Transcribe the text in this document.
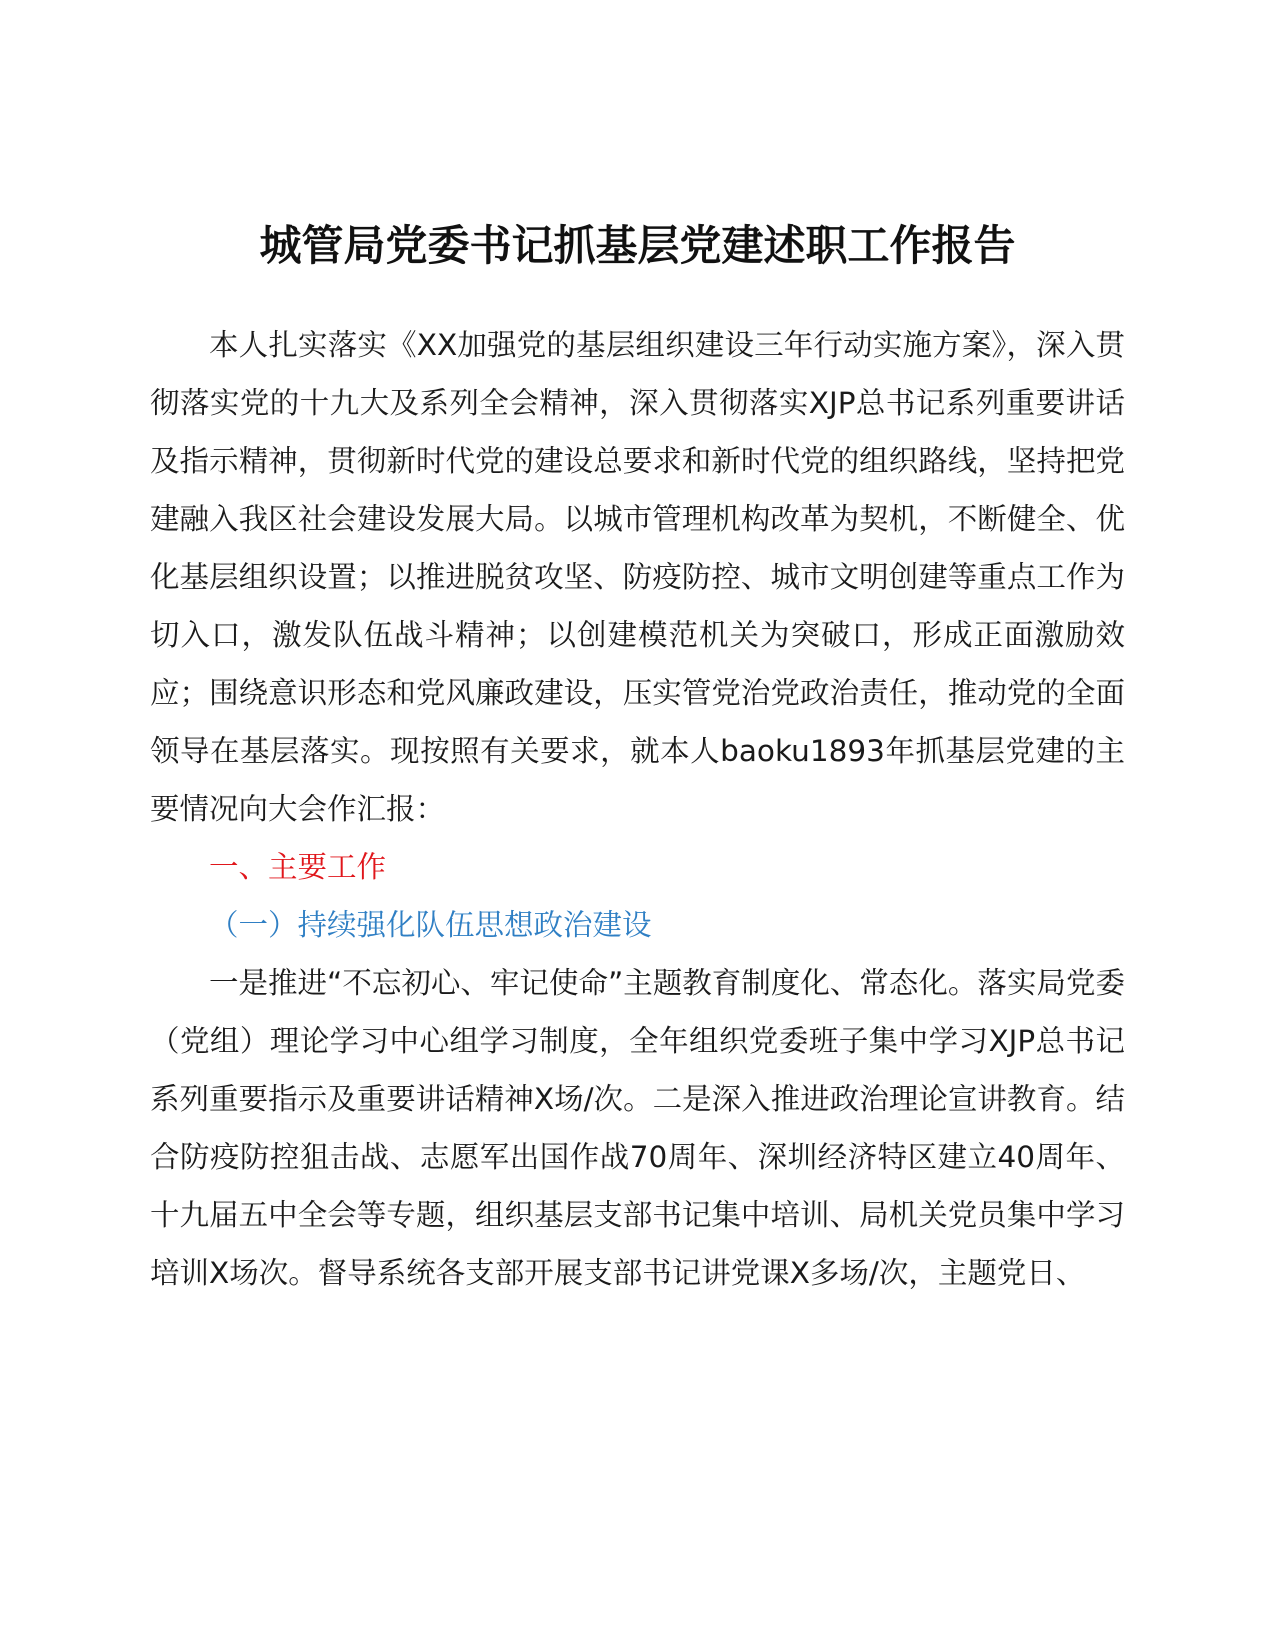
城管局党委书记抓基层党建述职工作报告

本人扎实落实《XX加强党的基层组织建设三年行动实施方案》，深入贯彻落实党的十九大及系列全会精神，深入贯彻落实XJP总书记系列重要讲话及指示精神，贯彻新时代党的建设总要求和新时代党的组织路线，坚持把党建融入我区社会建设发展大局。以城市管理机构改革为契机，不断健全、优化基层组织设置；以推进脱贫攻坚、防疫防控、城市文明创建等重点工作为切入口，激发队伍战斗精神；以创建模范机关为突破口，形成正面激励效应；围绕意识形态和党风廉政建设，压实管党治党政治责任，推动党的全面领导在基层落实。现按照有关要求，就本人baoku1893年抓基层党建的主要情况向大会作汇报：

一、主要工作

（一）持续强化队伍思想政治建设

一是推进“不忘初心、牢记使命”主题教育制度化、常态化。落实局党委（党组）理论学习中心组学习制度，全年组织党委班子集中学习XJP总书记系列重要指示及重要讲话精神X场/次。二是深入推进政治理论宣讲教育。结合防疫防控狙击战、志愿军出国作战70周年、深圳经济特区建立40周年、十九届五中全会等专题，组织基层支部书记集中培训、局机关党员集中学习培训X场次。督导系统各支部开展支部书记讲党课X多场/次，主题党日、
